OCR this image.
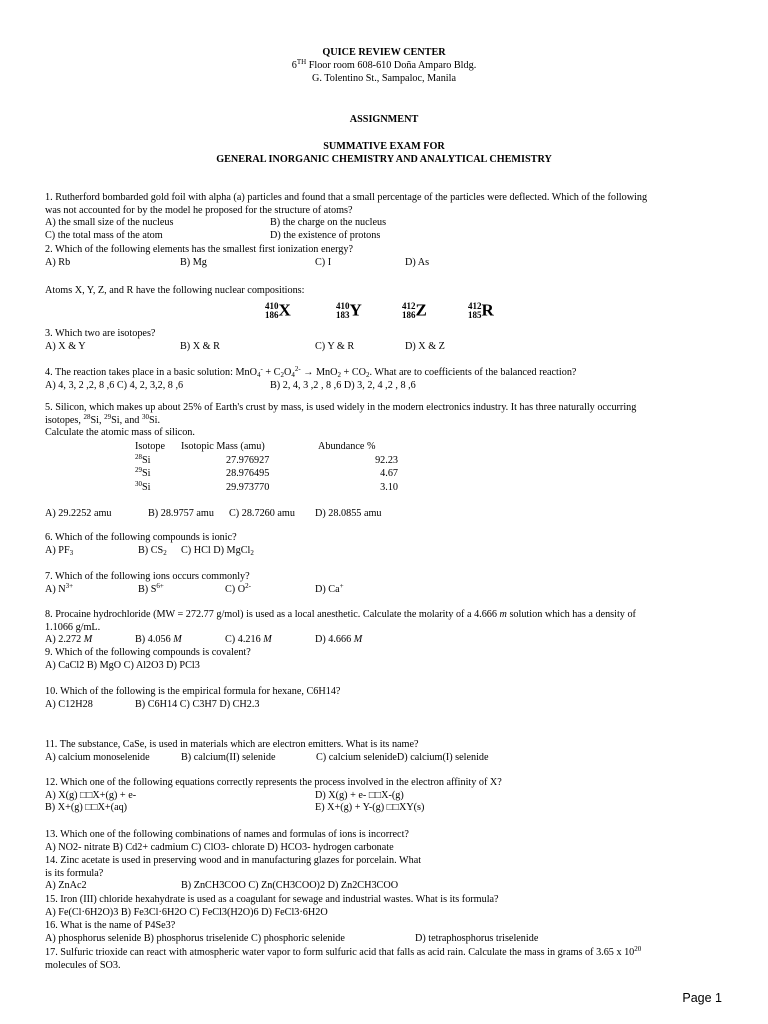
QUICE REVIEW CENTER
6TH Floor room 608-610 Doña Amparo Bldg.
G. Tolentino St., Sampaloc, Manila
ASSIGNMENT
SUMMATIVE EXAM FOR
GENERAL INORGANIC CHEMISTRY AND ANALYTICAL CHEMISTRY
1. Rutherford bombarded gold foil with alpha (a) particles and found that a small percentage of the particles were deflected. Which of the following
was not accounted for by the model he proposed for the structure of atoms?
A) the small size of the nucleus	B) the charge on the nucleus
C) the total mass of the atom	D) the existence of protons
2. Which of the following elements has the smallest first ionization energy?
A) Rb	B) Mg	C) I	D) As
Atoms X, Y, Z, and R have the following nuclear compositions:
410
186X	410
183Y	412
186Z	412
185R
3. Which two are isotopes?
A) X & Y	B) X & R	C) Y & R	D) X & Z
4. The reaction takes place in a basic solution: $MnO_4^- + C_2O_4^{2-} \to MnO_2 + CO_2$. What are to coefficients of the balanced reaction?
A) 4, 3, 2 ,2, 8 ,6 C) 4, 2, 3,2, 8 ,6	B) 2, 4, 3 ,2 , 8 ,6 D) 3, 2, 4 ,2 , 8 ,6
5. Silicon, which makes up about 25% of Earth's crust by mass, is used widely in the modern electronics industry. It has three naturally occurring
isotopes, $^{28}$Si, $^{29}$Si, and $^{30}$Si.
Calculate the atomic mass of silicon.
Isotope	Isotopic Mass (amu)	Abundance %
$^{28}$Si	27.976927	92.23
$^{29}$Si	28.976495	4.67
$^{30}$Si	29.973770	3.10
A) 29.2252 amu	B) 28.9757 amu C) 28.7260 amu D) 28.0855 amu
6. Which of the following compounds is ionic?
A) $PF_3$	B) $CS_2$ C) HCl D) MgCl$_2$
7. Which of the following ions occurs commonly?
A) $N^{3+}$	B) $S^{6+}$	C) $O^{2-}$	D) Ca+
8. Procaine hydrochloride (MW = 272.77 g/mol) is used as a local anesthetic. Calculate the molarity of a 4.666 m solution which has a density of
1.1066 g/mL.
A) 2.272 M	B) 4.056 M	C) 4.216 M	D) 4.666 M
9. Which of the following compounds is covalent?
A) CaCl2 B) MgO C) Al2O3 D) PCl3
10. Which of the following is the empirical formula for hexane, C6H14?
A) C12H28	B) C6H14 C) C3H7 D) CH2.3
11. The substance, CaSe, is used in materials which are electron emitters. What is its name?
A) calcium monoselenide	B) calcium(II) selenide	C) calcium selenideD) calcium(I) selenide
12. Which one of the following equations correctly represents the process involved in the electron affinity of X?
A) X(g) □□X+(g) + e-	D) X(g) + e- □□X-(g)
B) X+(g) □□X+(aq)	E) X+(g) + Y-(g) □□XY(s)
13. Which one of the following combinations of names and formulas of ions is incorrect?
A) NO2- nitrate B) Cd2+ cadmium C) ClO3- chlorate D) HCO3- hydrogen carbonate
14. Zinc acetate is used in preserving wood and in manufacturing glazes for porcelain. What
is its formula?
A) ZnAc2	B) ZnCH3COO C) Zn(CH3COO)2 D) Zn2CH3COO
15. Iron (III) chloride hexahydrate is used as a coagulant for sewage and industrial wastes. What is its formula?
A) Fe(Cl·6H2O)3 B) Fe3Cl·6H2O C) FeCl3(H2O)6 D) FeCl3·6H2O
16. What is the name of P4Se3?
A) phosphorus selenide B) phosphorus triselenide C) phosphoric selenide	D) tetraphosphorus triselenide
17. Sulfuric trioxide can react with atmospheric water vapor to form sulfuric acid that falls as acid rain. Calculate the mass in grams of 3.65 x $10^{20}$
molecules of SO3.
Page 1
